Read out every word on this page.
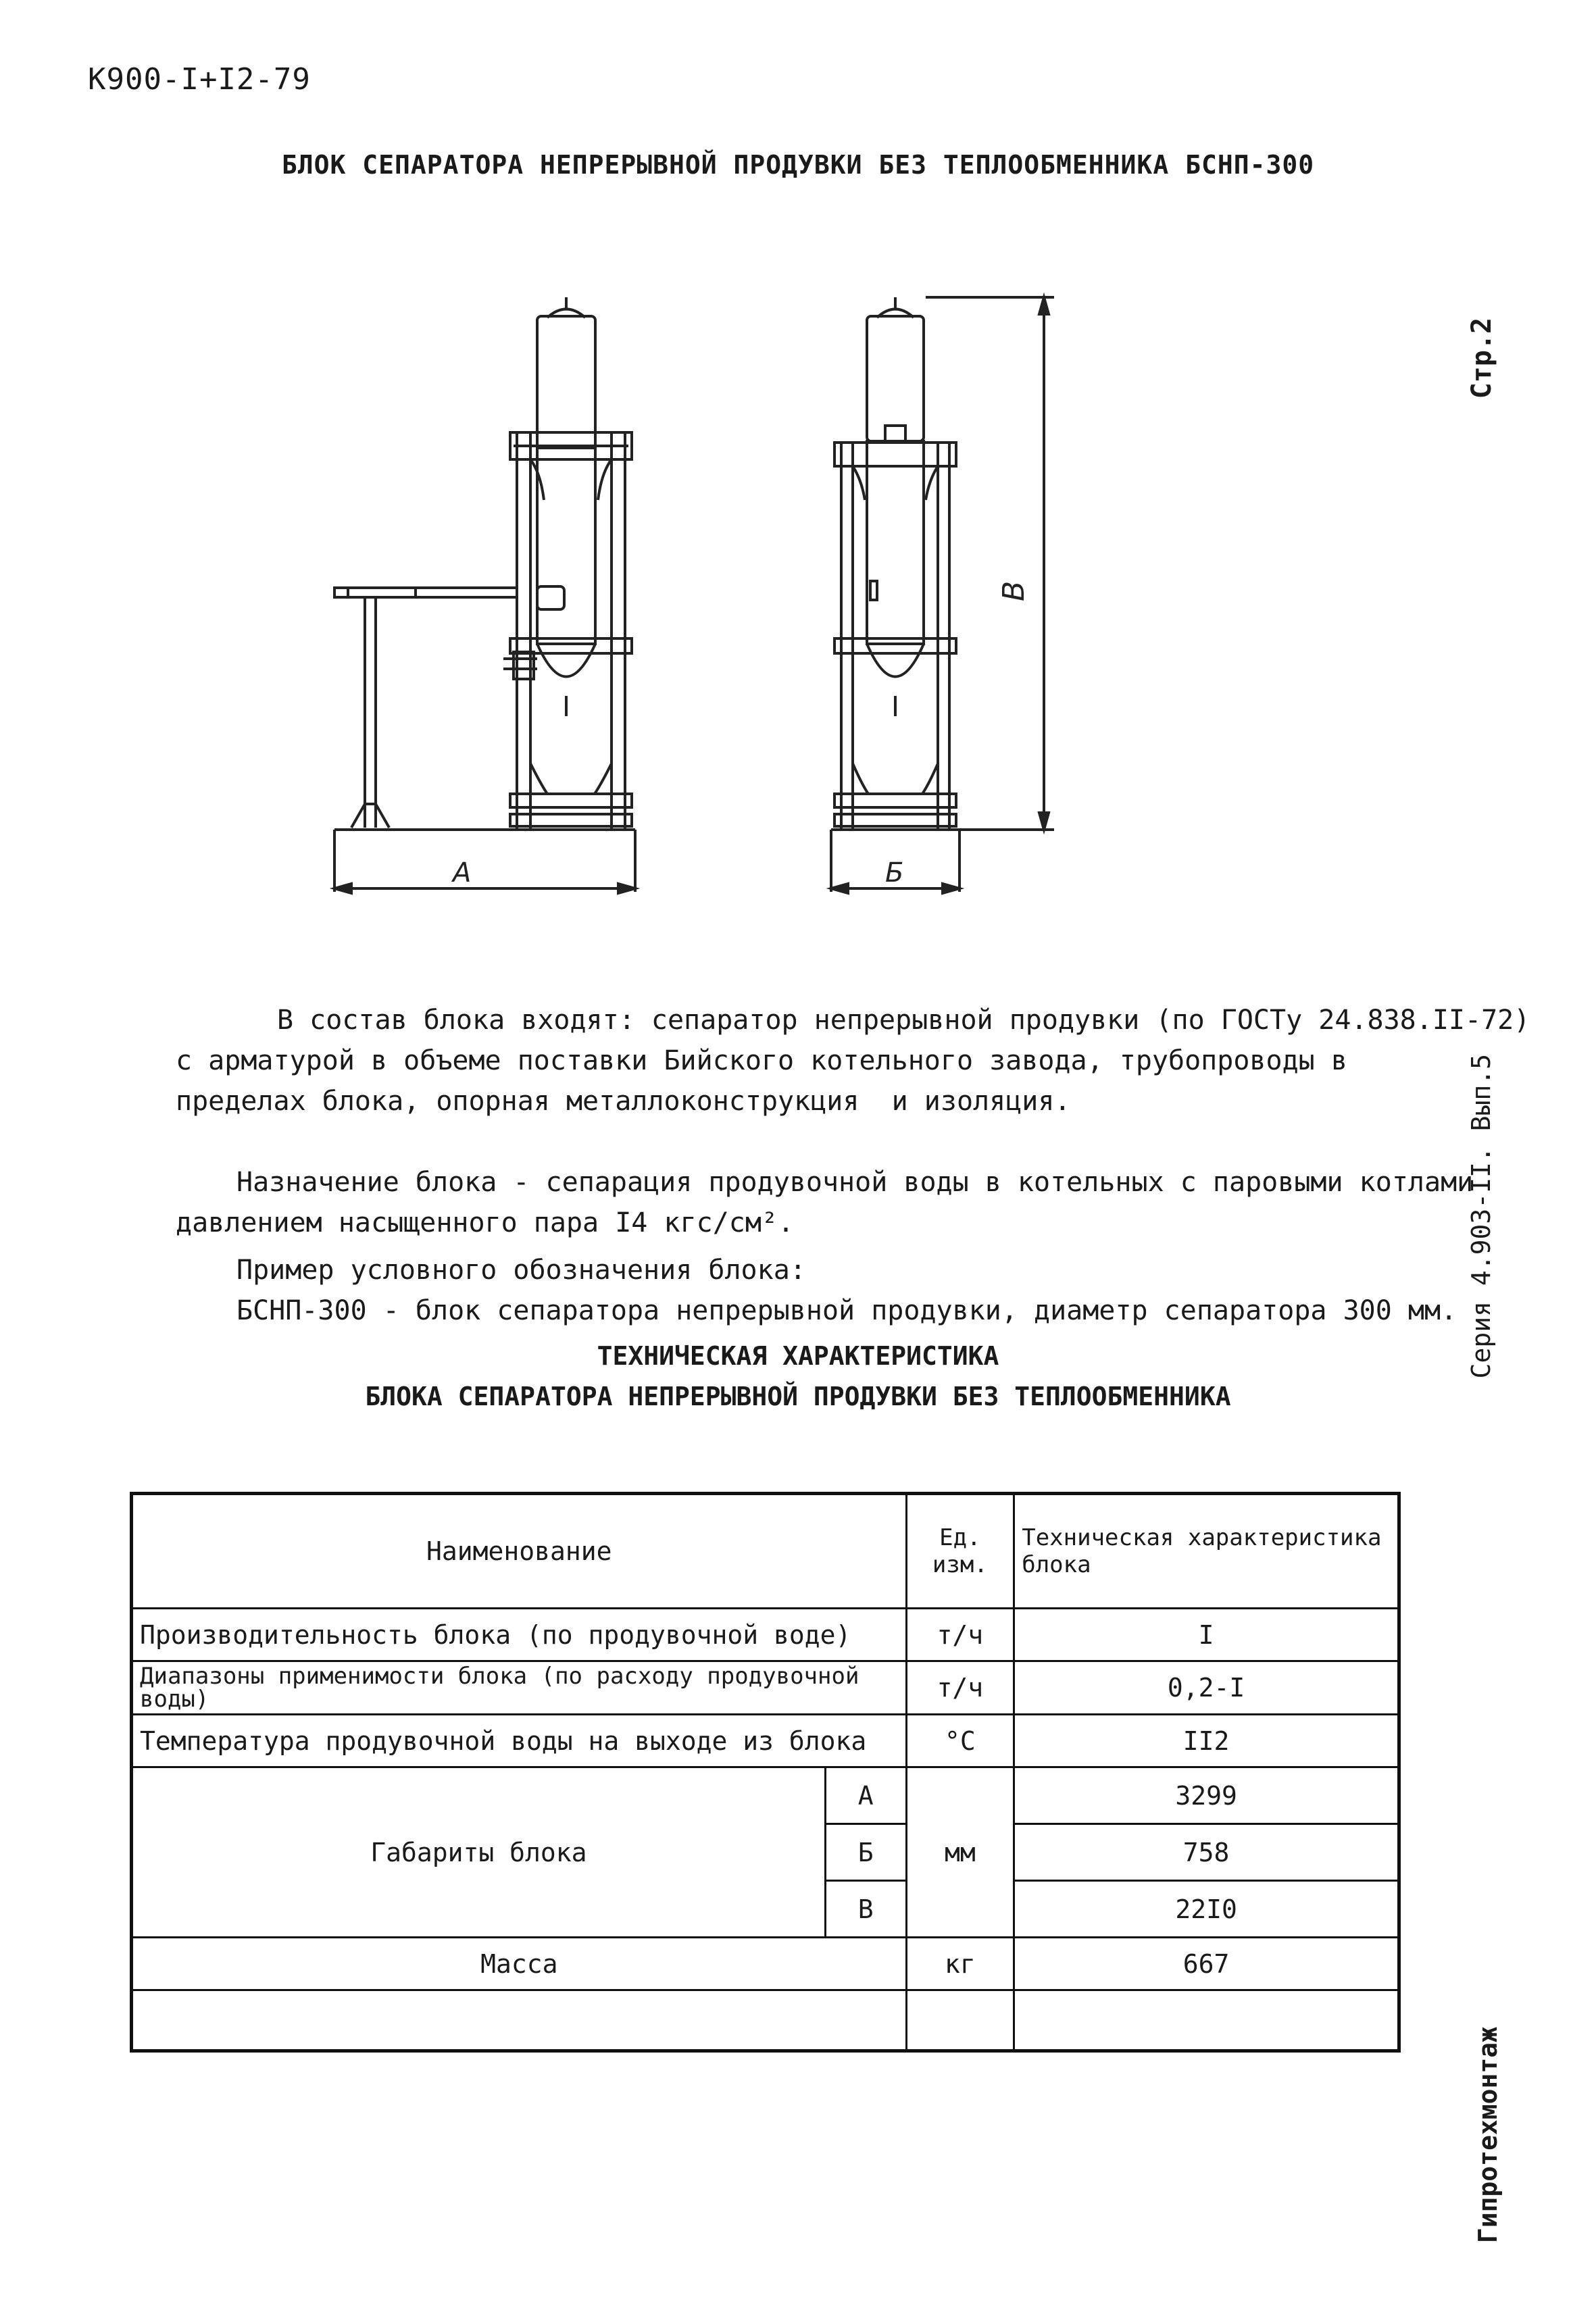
К900-I+I2-79
БЛОК СЕПАРАТОРА НЕПРЕРЫВНОЙ ПРОДУВКИ БЕЗ ТЕПЛООБМЕННИКА БСНП-300
Стр.2
Серия 4.903-II. Вып.5
Гипротехмонтаж
А	Б
В
В состав блока входят: сепаратор непрерывной продувки (по ГОСТу 24.838.II-72)
с арматурой в объеме поставки Бийского котельного завода, трубопроводы в
пределах блока, опорная металлоконструкция  и изоляция.
Назначение блока - сепарация продувочной воды в котельных с паровыми котлами
давлением насыщенного пара I4 кгс/см².
Пример условного обозначения блока:
БСНП-300 - блок сепаратора непрерывной продувки, диаметр сепаратора 300 мм.
ТЕХНИЧЕСКАЯ ХАРАКТЕРИСТИКА
БЛОКА СЕПАРАТОРА НЕПРЕРЫВНОЙ ПРОДУВКИ БЕЗ ТЕПЛООБМЕННИКА
Наименование		Ед. изм.	Техническая характеристика блока
Производительность блока (по продувочной воде)		т/ч	I
Диапазоны применимости блока (по расходу продувочной воды)		т/ч	0,2-I
Температура продувочной воды на выходе из блока		°С	II2
Габариты блока	А	мм	3299
	Б		758
	В		22I0
Масса		кг	667
